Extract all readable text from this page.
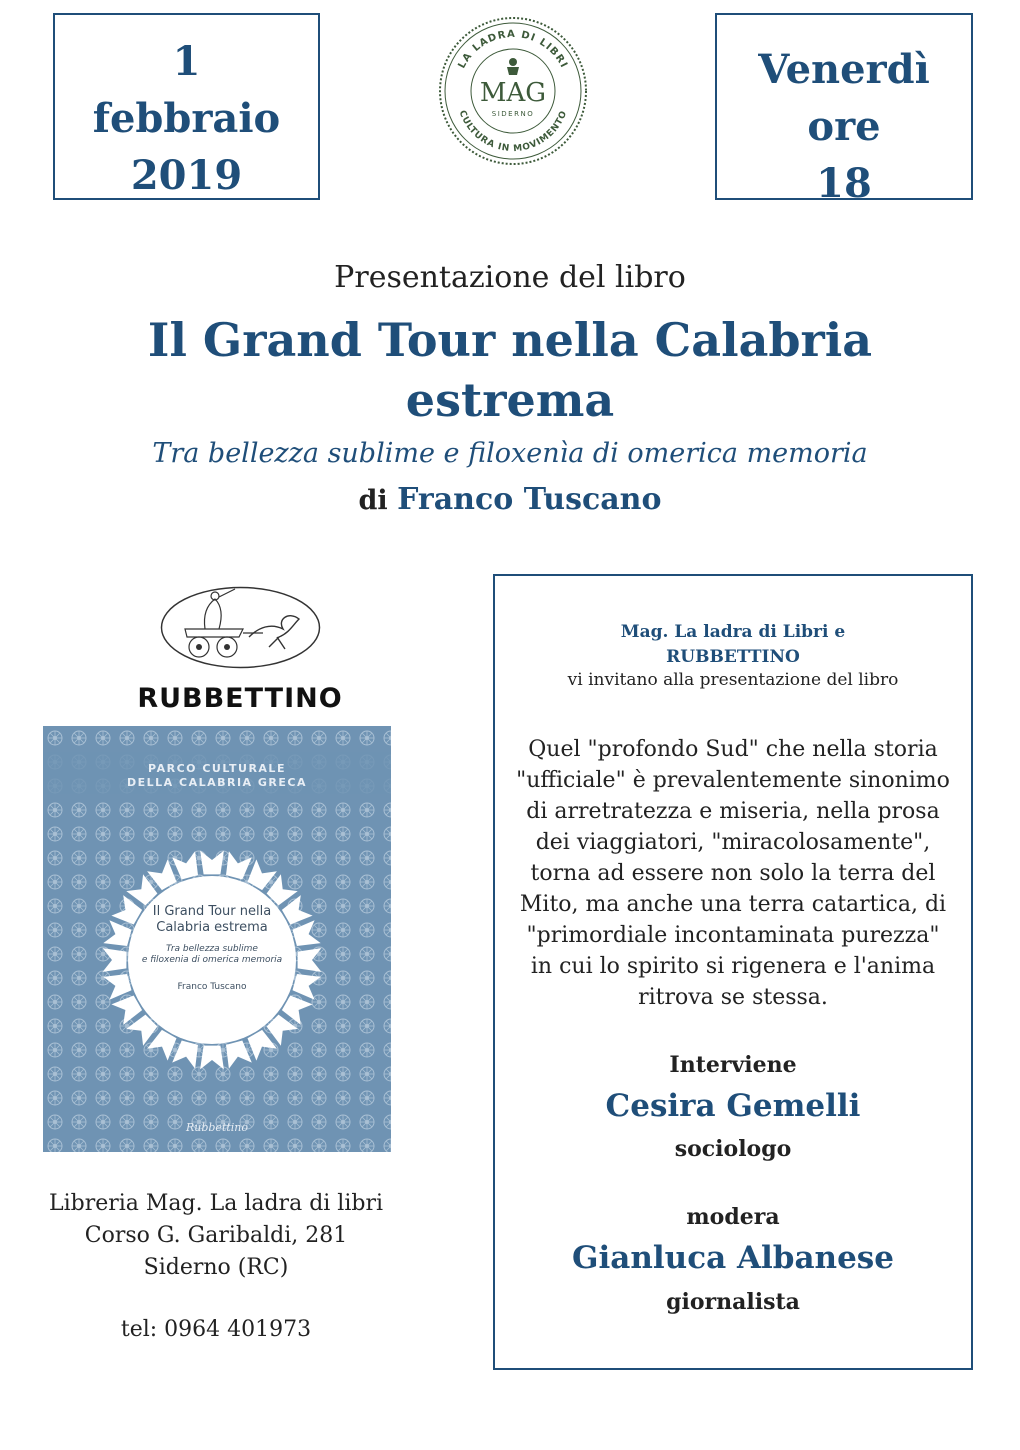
1
febbraio
2019
LA LADRA DI LIBRI
CULTURA IN MOVIMENTO
MAG
SIDERNO
Venerdì
ore
18
Presentazione del libro
Il Grand Tour nella Calabria
estrema
Tra bellezza sublime e filoxenìa di omerica memoria
di Franco Tuscano
RUBBETTINO
PARCO CULTURALE
DELLA CALABRIA GRECA
Il Grand Tour nella
Calabria estrema
Tra bellezza sublime
e filoxenia di omerica memoria
Franco Tuscano
Rubbettino
Libreria Mag. La ladra di libri
Corso G. Garibaldi, 281
Siderno (RC)
tel: 0964 401973
Mag. La ladra di Libri e
RUBBETTINO
vi invitano alla presentazione del libro
Quel "profondo Sud" che nella storia "ufficiale" è prevalentemente sinonimo di arretratezza e miseria, nella prosa dei viaggiatori, "miracolosamente", torna ad essere non solo la terra del Mito, ma anche una terra catartica, di "primordiale incontaminata purezza" in cui lo spirito si rigenera e l'anima ritrova se stessa.
Interviene
Cesira Gemelli
sociologo
modera
Gianluca Albanese
giornalista
